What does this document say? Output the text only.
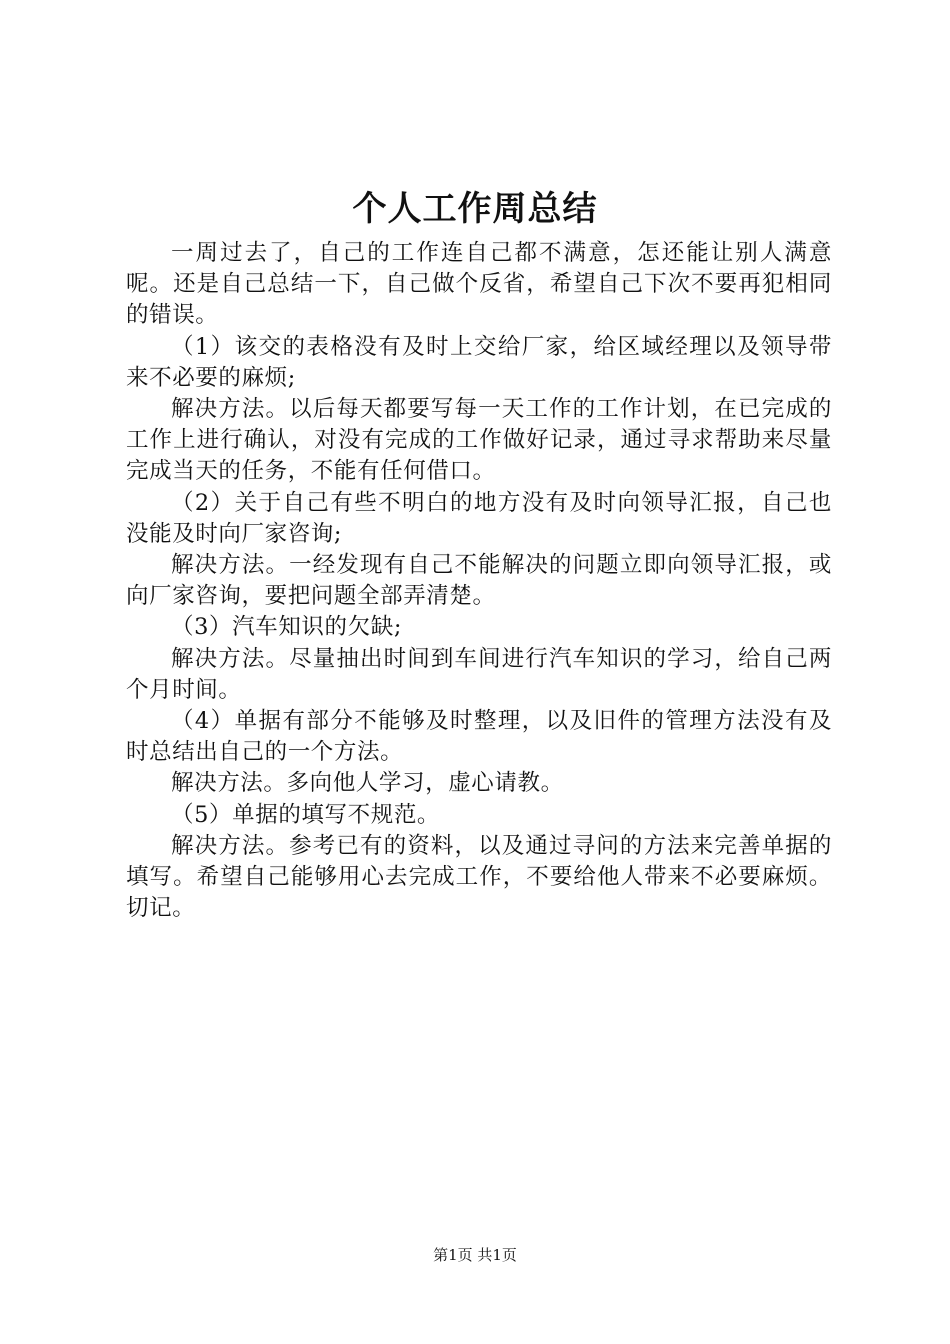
个人工作周总结

一周过去了，自己的工作连自己都不满意，怎还能让别人满意呢。还是自己总结一下，自己做个反省，希望自己下次不要再犯相同的错误。

（1）该交的表格没有及时上交给厂家，给区域经理以及领导带来不必要的麻烦;

解决方法。以后每天都要写每一天工作的工作计划，在已完成的工作上进行确认，对没有完成的工作做好记录，通过寻求帮助来尽量完成当天的任务，不能有任何借口。

（2）关于自己有些不明白的地方没有及时向领导汇报，自己也没能及时向厂家咨询;

解决方法。一经发现有自己不能解决的问题立即向领导汇报，或向厂家咨询，要把问题全部弄清楚。

（3）汽车知识的欠缺;

解决方法。尽量抽出时间到车间进行汽车知识的学习，给自己两个月时间。

（4）单据有部分不能够及时整理，以及旧件的管理方法没有及时总结出自己的一个方法。

解决方法。多向他人学习，虚心请教。

（5）单据的填写不规范。

解决方法。参考已有的资料，以及通过寻问的方法来完善单据的填写。希望自己能够用心去完成工作，不要给他人带来不必要麻烦。切记。

第1页 共1页
